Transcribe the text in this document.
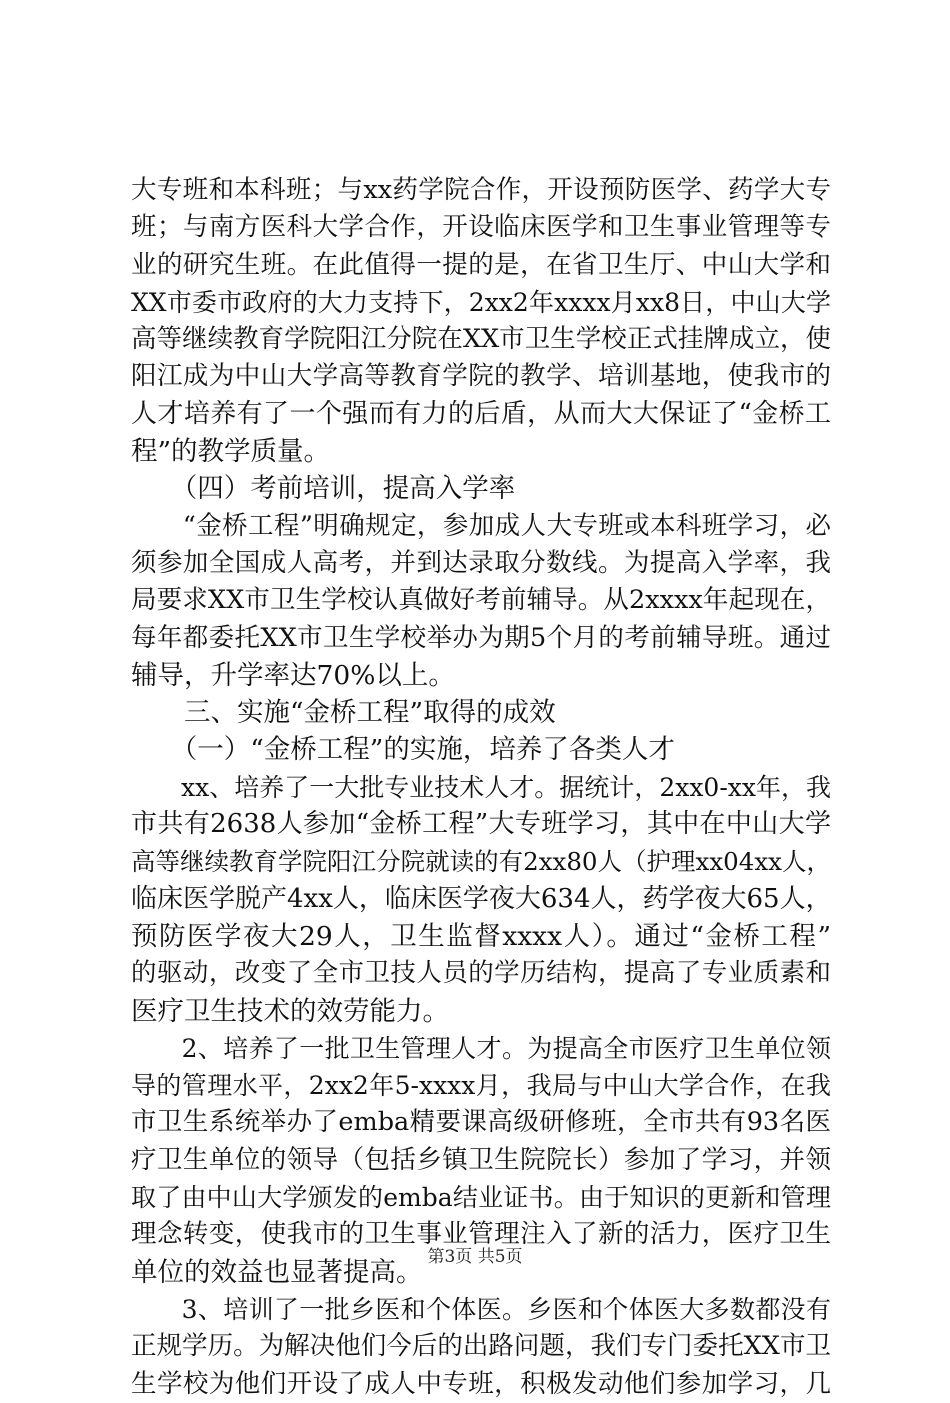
大专班和本科班；与xx药学院合作，开设预防医学、药学大专
班；与南方医科大学合作，开设临床医学和卫生事业管理等专
业的研究生班。在此值得一提的是，在省卫生厅、中山大学和
XX市委市政府的大力支持下，2xx2年xxxx月xx8日，中山大学
高等继续教育学院阳江分院在XX市卫生学校正式挂牌成立，使
阳江成为中山大学高等教育学院的教学、培训基地，使我市的
人才培养有了一个强而有力的后盾，从而大大保证了“金桥工
程”的教学质量。
　　（四）考前培训，提高入学率
　　“金桥工程”明确规定，参加成人大专班或本科班学习，必
须参加全国成人高考，并到达录取分数线。为提高入学率，我
局要求XX市卫生学校认真做好考前辅导。从2xxxx年起现在，
每年都委托XX市卫生学校举办为期5个月的考前辅导班。通过
辅导，升学率达70%以上。
　　三、实施“金桥工程”取得的成效
　　（一）“金桥工程”的实施，培养了各类人才
　　xx、培养了一大批专业技术人才。据统计，2xx0-xx年，我
市共有2638人参加“金桥工程”大专班学习，其中在中山大学
高等继续教育学院阳江分院就读的有2xx80人（护理xx04xx人，
临床医学脱产4xx人，临床医学夜大634人，药学夜大65人，
预防医学夜大29人，卫生监督xxxx人）。通过“金桥工程”
的驱动，改变了全市卫技人员的学历结构，提高了专业质素和
医疗卫生技术的效劳能力。
　　2、培养了一批卫生管理人才。为提高全市医疗卫生单位领
导的管理水平，2xx2年5-xxxx月，我局与中山大学合作，在我
市卫生系统举办了emba精要课高级研修班，全市共有93名医
疗卫生单位的领导（包括乡镇卫生院院长）参加了学习，并领
取了由中山大学颁发的emba结业证书。由于知识的更新和管理
理念转变，使我市的卫生事业管理注入了新的活力，医疗卫生
单位的效益也显著提高。
　　3、培训了一批乡医和个体医。乡医和个体医大多数都没有
正规学历。为解决他们今后的出路问题，我们专门委托XX市卫
生学校为他们开设了成人中专班，积极发动他们参加学习，几
第3页 共5页
